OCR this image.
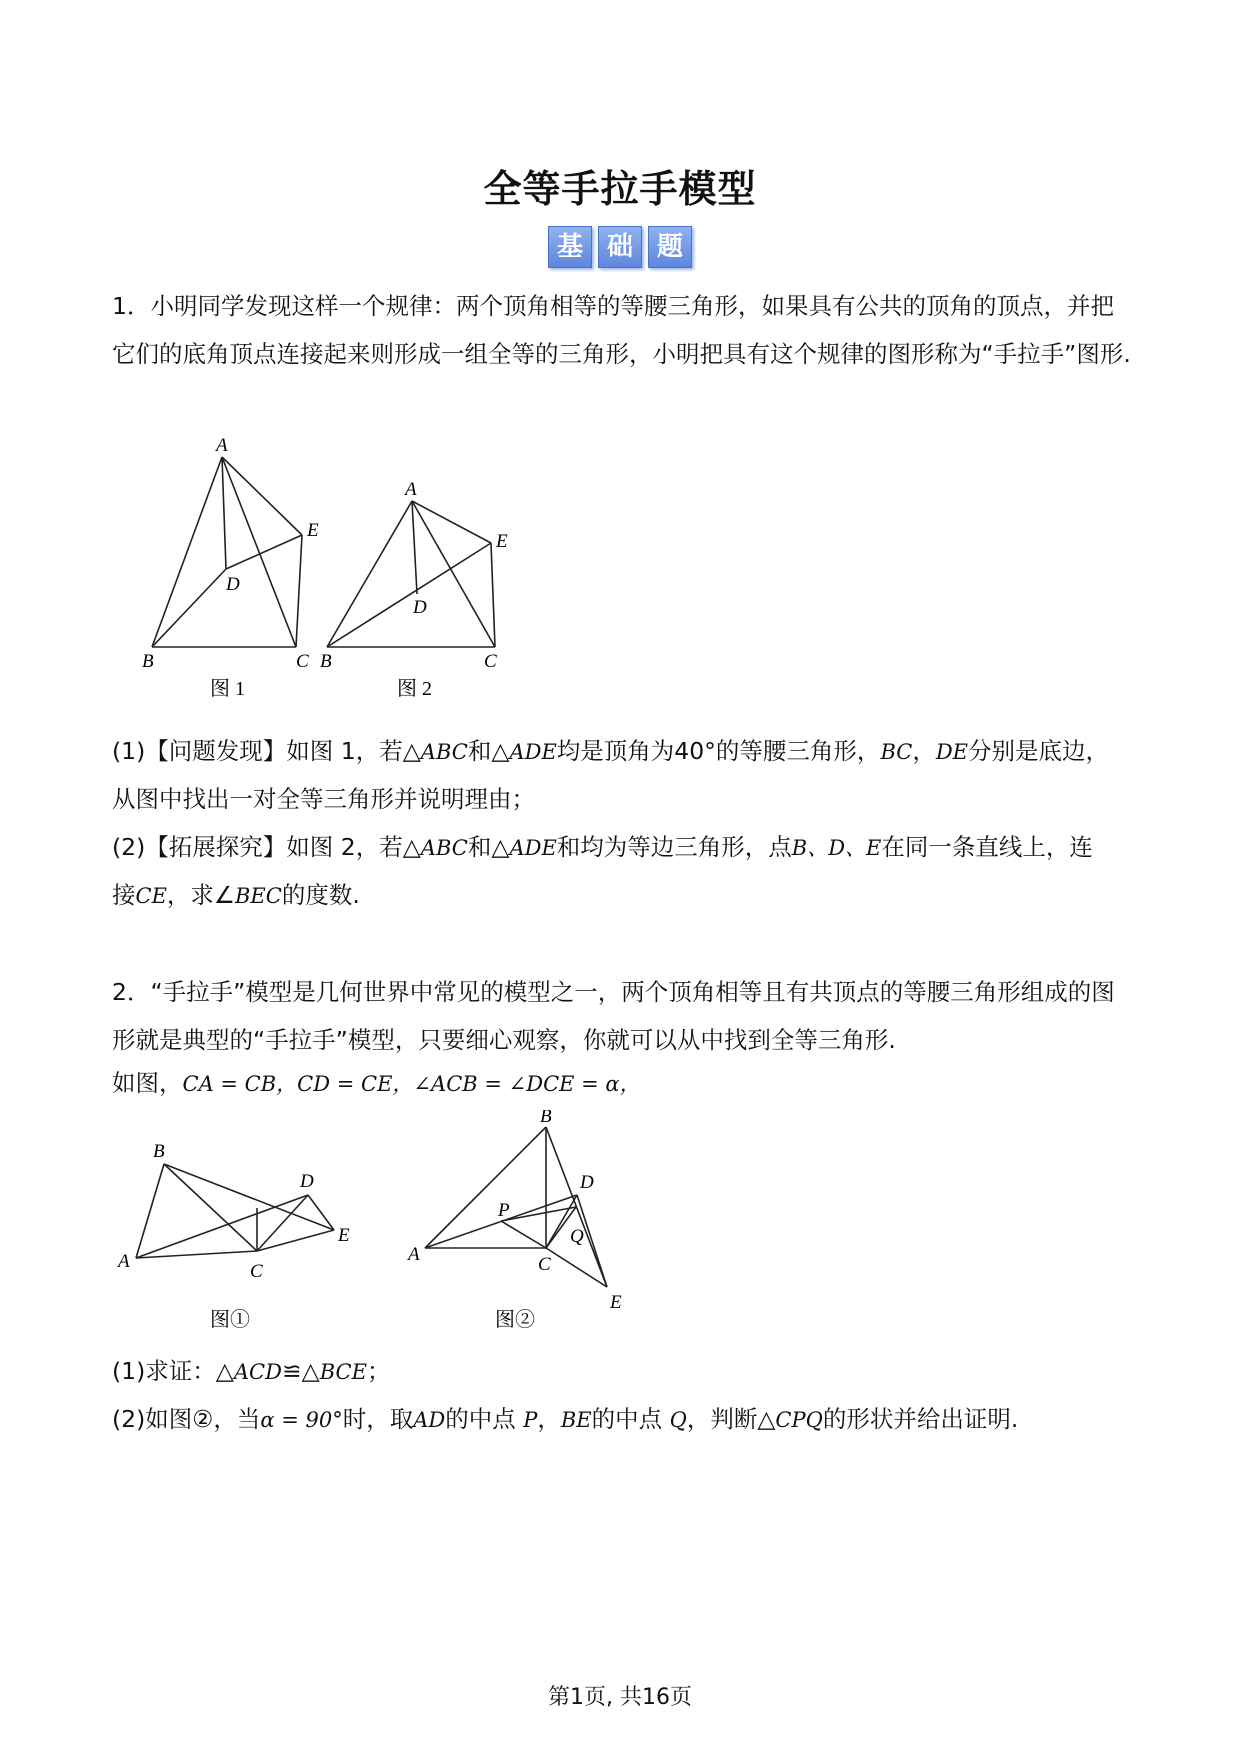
全等手拉手模型
基 础 题
1．小明同学发现这样一个规律：两个顶角相等的等腰三角形，如果具有公共的顶角的顶点，并把它们的底角顶点连接起来则形成一组全等的三角形，小明把具有这个规律的图形称为“手拉手”图形.
A
B	C
D
E
图 1
A
B	C
D
E
图 2
(1)【问题发现】如图 1，若△ABC和△ADE均是顶角为40°的等腰三角形，BC，DE分别是底边，
从图中找出一对全等三角形并说明理由；
(2)【拓展探究】如图 2，若△ABC和△ADE和均为等边三角形，点B、D、E在同一条直线上，连
接CE，求∠BEC的度数.
2．“手拉手”模型是几何世界中常见的模型之一，两个顶角相等且有共顶点的等腰三角形组成的图形就是典型的“手拉手”模型，只要细心观察，你就可以从中找到全等三角形.
如图，CA = CB，CD = CE，∠ACB = ∠DCE = α，
B
A	C
D
E
图①
B
A	C
D
E
P
Q
图②
(1)求证：△ACD≌△BCE；
(2)如图②，当α = 90°时，取AD的中点 P，BE的中点 Q，判断△CPQ的形状并给出证明.
第1页, 共16页
